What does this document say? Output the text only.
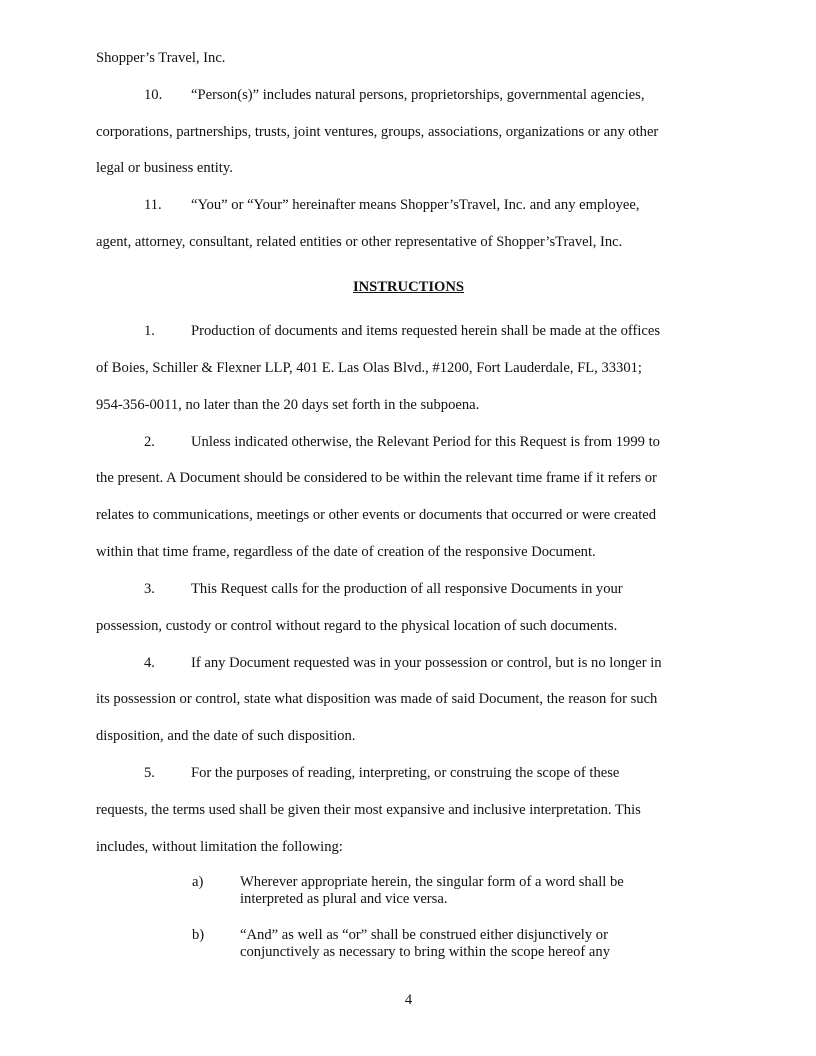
Shopper’s Travel, Inc.
10. “Person(s)” includes natural persons, proprietorships, governmental agencies,
corporations, partnerships, trusts, joint ventures, groups, associations, organizations or any other
legal or business entity.
11. “You” or “Your” hereinafter means Shopper’sTravel, Inc. and any employee,
agent, attorney, consultant, related entities or other representative of Shopper’sTravel, Inc.
INSTRUCTIONS
1. Production of documents and items requested herein shall be made at the offices
of Boies, Schiller & Flexner LLP, 401 E. Las Olas Blvd., #1200, Fort Lauderdale, FL, 33301;
954-356-0011, no later than the 20 days set forth in the subpoena.
2. Unless indicated otherwise, the Relevant Period for this Request is from 1999 to
the present. A Document should be considered to be within the relevant time frame if it refers or
relates to communications, meetings or other events or documents that occurred or were created
within that time frame, regardless of the date of creation of the responsive Document.
3. This Request calls for the production of all responsive Documents in your
possession, custody or control without regard to the physical location of such documents.
4. If any Document requested was in your possession or control, but is no longer in
its possession or control, state what disposition was made of said Document, the reason for such
disposition, and the date of such disposition.
5. For the purposes of reading, interpreting, or construing the scope of these
requests, the terms used shall be given their most expansive and inclusive interpretation. This
includes, without limitation the following:
a)	Wherever appropriate herein, the singular form of a word shall be
interpreted as plural and vice versa.
b) “And” as well as “or” shall be construed either disjunctively or
conjunctively as necessary to bring within the scope hereof any
4
